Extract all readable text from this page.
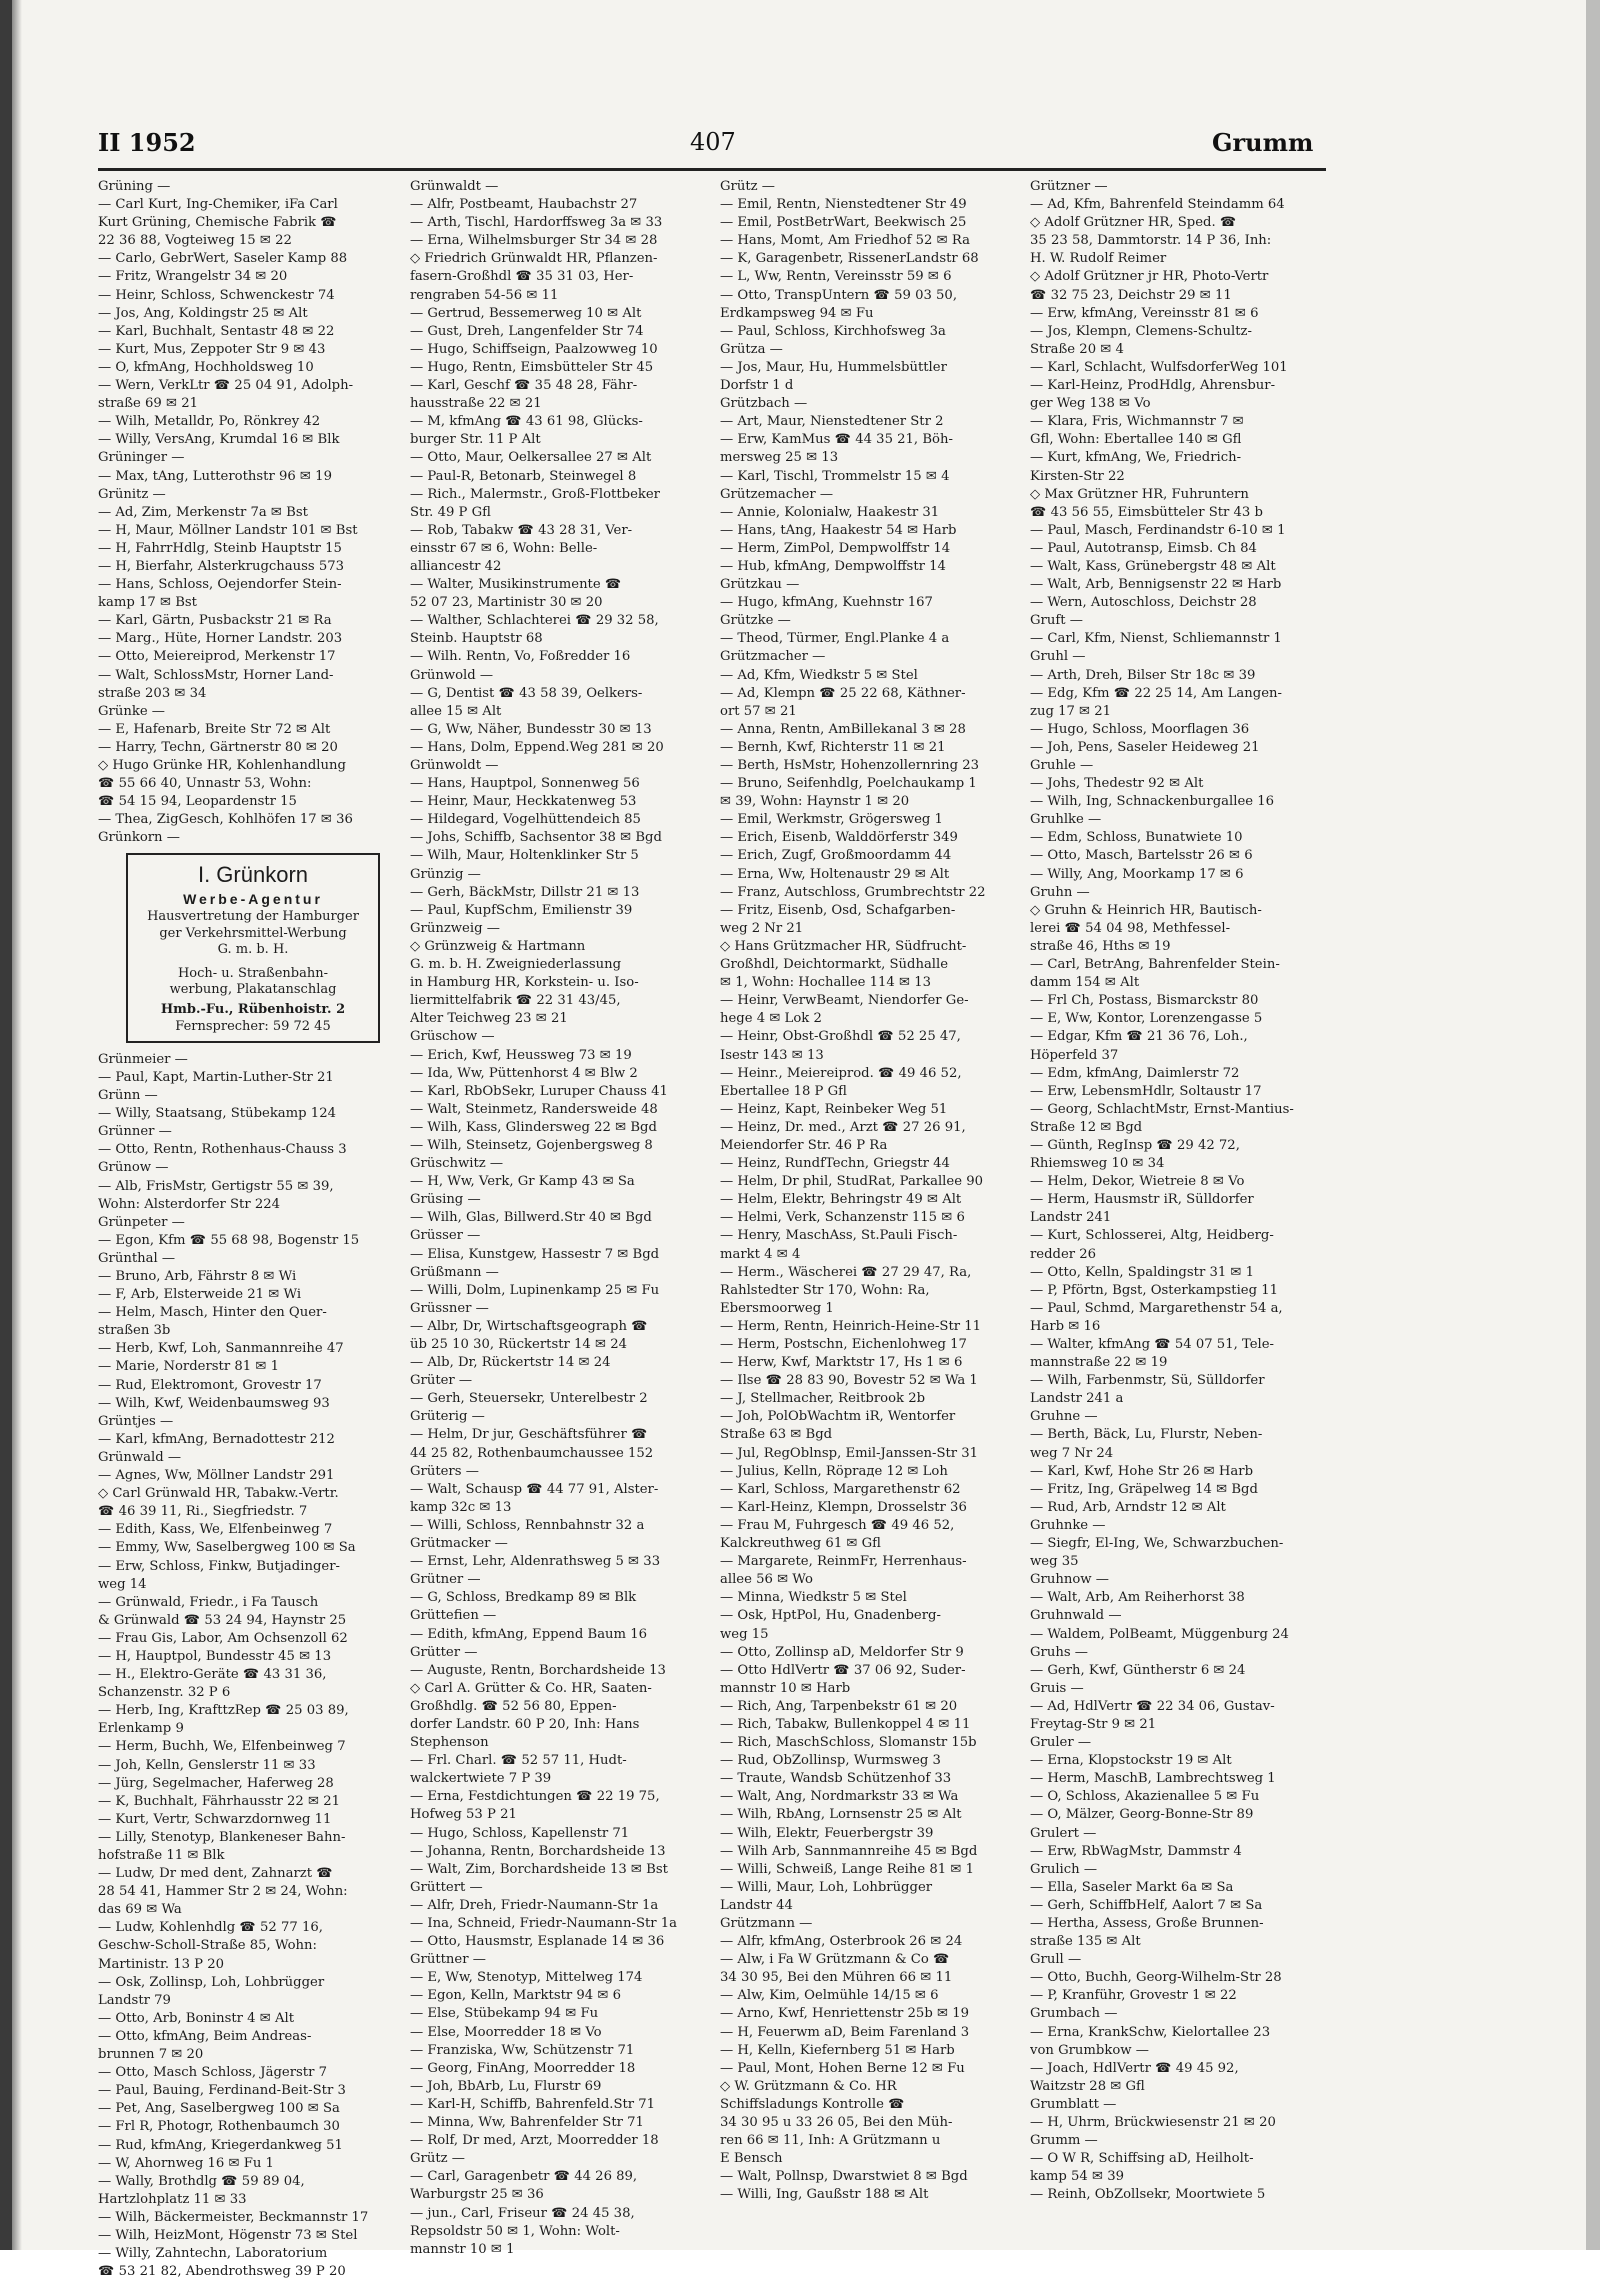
II 1952	407	Grumm
Grüning —
— Carl Kurt, Ing-Chemiker, iFa Carl
Kurt Grüning, Chemische Fabrik ☎
22 36 88, Vogteiweg 15 ✉ 22
— Carlo, GebrWert, Saseler Kamp 88
— Fritz, Wrangelstr 34 ✉ 20
— Heinr, Schloss, Schwenckestr 74
— Jos, Ang, Koldingstr 25 ✉ Alt
— Karl, Buchhalt, Sentastr 48 ✉ 22
— Kurt, Mus, Zeppoter Str 9 ✉ 43
— O, kfmAng, Hochholdsweg 10
— Wern, VerkLtr ☎ 25 04 91, Adolph-
straße 69 ✉ 21
— Wilh, Metalldr, Po, Rönkrey 42
— Willy, VersAng, Krumdal 16 ✉ Blk
Grüninger —
— Max, tAng, Lutterothstr 96 ✉ 19
Grünitz —
— Ad, Zim, Merkenstr 7a ✉ Bst
— H, Maur, Möllner Landstr 101 ✉ Bst
— H, FahrrHdlg, Steinb Hauptstr 15
— H, Bierfahr, Alsterkrugchauss 573
— Hans, Schloss, Oejendorfer Stein-
kamp 17 ✉ Bst
— Karl, Gärtn, Pusbackstr 21 ✉ Ra
— Marg., Hüte, Horner Landstr. 203
— Otto, Meiereiprod, Merkenstr 17
— Walt, SchlossMstr, Horner Land-
straße 203 ✉ 34
Grünke —
— E, Hafenarb, Breite Str 72 ✉ Alt
— Harry, Techn, Gärtnerstr 80 ✉ 20
◇ Hugo Grünke HR, Kohlenhandlung
☎ 55 66 40, Unnastr 53, Wohn:
☎ 54 15 94, Leopardenstr 15
— Thea, ZigGesch, Kohlhöfen 17 ✉ 36
Grünkorn —
I. Grünkorn
Werbe-Agentur
Hausvertretung der Hamburger
ger Verkehrsmittel-Werbung
G. m. b. H.
Hoch- u. Straßenbahn-
werbung, Plakatanschlag
Hmb.-Fu., Rübenhoistr. 2
Fernsprecher: 59 72 45
Grünmeier —
— Paul, Kapt, Martin-Luther-Str 21
Grünn —
— Willy, Staatsang, Stübekamp 124
Grünner —
— Otto, Rentn, Rothenhaus-Chauss 3
Grünow —
— Alb, FrisMstr, Gertigstr 55 ✉ 39,
Wohn: Alsterdorfer Str 224
Grünpeter —
— Egon, Kfm ☎ 55 68 98, Bogenstr 15
Grünthal —
— Bruno, Arb, Fährstr 8 ✉ Wi
— F, Arb, Elsterweide 21 ✉ Wi
— Helm, Masch, Hinter den Quer-
straßen 3b
— Herb, Kwf, Loh, Sanmannreihe 47
— Marie, Norderstr 81 ✉ 1
— Rud, Elektromont, Grovestr 17
— Wilh, Kwf, Weidenbaumsweg 93
Grüntjes —
— Karl, kfmAng, Bernadottestr 212
Grünwald —
— Agnes, Ww, Möllner Landstr 291
◇ Carl Grünwald HR, Tabakw.-Vertr.
☎ 46 39 11, Ri., Siegfriedstr. 7
— Edith, Kass, We, Elfenbeinweg 7
— Emmy, Ww, Saselbergweg 100 ✉ Sa
— Erw, Schloss, Finkw, Butjadinger-
weg 14
— Grünwald, Friedr., i Fa Tausch
& Grünwald ☎ 53 24 94, Haynstr 25
— Frau Gis, Labor, Am Ochsenzoll 62
— H, Hauptpol, Bundesstr 45 ✉ 13
— H., Elektro-Geräte ☎ 43 31 36,
Schanzenstr. 32 P 6
— Herb, Ing, KrafttzRep ☎ 25 03 89,
Erlenkamp 9
— Herm, Buchh, We, Elfenbeinweg 7
— Joh, Kelln, Genslerstr 11 ✉ 33
— Jürg, Segelmacher, Haferweg 28
— K, Buchhalt, Fährhausstr 22 ✉ 21
— Kurt, Vertr, Schwarzdornweg 11
— Lilly, Stenotyp, Blankeneser Bahn-
hofstraße 11 ✉ Blk
— Ludw, Dr med dent, Zahnarzt ☎
28 54 41, Hammer Str 2 ✉ 24, Wohn:
das 69 ✉ Wa
— Ludw, Kohlenhdlg ☎ 52 77 16,
Geschw-Scholl-Straße 85, Wohn:
Martinistr. 13 P 20
— Osk, Zollinsp, Loh, Lohbrügger
Landstr 79
— Otto, Arb, Boninstr 4 ✉ Alt
— Otto, kfmAng, Beim Andreas-
brunnen 7 ✉ 20
— Otto, Masch Schloss, Jägerstr 7
— Paul, Bauing, Ferdinand-Beit-Str 3
— Pet, Ang, Saselbergweg 100 ✉ Sa
— Frl R, Photogr, Rothenbaumch 30
— Rud, kfmAng, Kriegerdankweg 51
— W, Ahornweg 16 ✉ Fu 1
— Wally, Brothdlg ☎ 59 89 04,
Hartzlohplatz 11 ✉ 33
— Wilh, Bäckermeister, Beckmannstr 17
— Wilh, HeizMont, Högenstr 73 ✉ Stel
— Willy, Zahntechn, Laboratorium
☎ 53 21 82, Abendrothsweg 39 P 20
Grünwaldt —
— Alfr, Postbeamt, Haubachstr 27
— Arth, Tischl, Hardorffsweg 3a ✉ 33
— Erna, Wilhelmsburger Str 34 ✉ 28
◇ Friedrich Grünwaldt HR, Pflanzen-
fasern-Großhdl ☎ 35 31 03, Her-
rengraben 54-56 ✉ 11
— Gertrud, Bessemerweg 10 ✉ Alt
— Gust, Dreh, Langenfelder Str 74
— Hugo, Schiffseign, Paalzowweg 10
— Hugo, Rentn, Eimsbütteler Str 45
— Karl, Geschf ☎ 35 48 28, Fähr-
hausstraße 22 ✉ 21
— M, kfmAng ☎ 43 61 98, Glücks-
burger Str. 11 P Alt
— Otto, Maur, Oelkersallee 27 ✉ Alt
— Paul-R, Betonarb, Steinwegel 8
— Rich., Malermstr., Groß-Flottbeker
Str. 49 P Gfl
— Rob, Tabakw ☎ 43 28 31, Ver-
einsstr 67 ✉ 6, Wohn: Belle-
alliancestr 42
— Walter, Musikinstrumente ☎
52 07 23, Martinistr 30 ✉ 20
— Walther, Schlachterei ☎ 29 32 58,
Steinb. Hauptstr 68
— Wilh. Rentn, Vo, Foßredder 16
Grünwold —
— G, Dentist ☎ 43 58 39, Oelkers-
allee 15 ✉ Alt
— G, Ww, Näher, Bundesstr 30 ✉ 13
— Hans, Dolm, Eppend.Weg 281 ✉ 20
Grünwoldt —
— Hans, Hauptpol, Sonnenweg 56
— Heinr, Maur, Heckkatenweg 53
— Hildegard, Vogelhüttendeich 85
— Johs, Schiffb, Sachsentor 38 ✉ Bgd
— Wilh, Maur, Holtenklinker Str 5
Grünzig —
— Gerh, BäckMstr, Dillstr 21 ✉ 13
— Paul, KupfSchm, Emilienstr 39
Grünzweig —
◇ Grünzweig & Hartmann
G. m. b. H. Zweigniederlassung
in Hamburg HR, Korkstein- u. Iso-
liermittelfabrik ☎ 22 31 43/45,
Alter Teichweg 23 ✉ 21
Grüschow —
— Erich, Kwf, Heussweg 73 ✉ 19
— Ida, Ww, Püttenhorst 4 ✉ Blw 2
— Karl, RbObSekr, Luruper Chauss 41
— Walt, Steinmetz, Randersweide 48
— Wilh, Kass, Glindersweg 22 ✉ Bgd
— Wilh, Steinsetz, Gojenbergsweg 8
Grüschwitz —
— H, Ww, Verk, Gr Kamp 43 ✉ Sa
Grüsing —
— Wilh, Glas, Billwerd.Str 40 ✉ Bgd
Grüsser —
— Elisa, Kunstgew, Hassestr 7 ✉ Bgd
Grüßmann —
— Willi, Dolm, Lupinenkamp 25 ✉ Fu
Grüssner —
— Albr, Dr, Wirtschaftsgeograph ☎
üb 25 10 30, Rückertstr 14 ✉ 24
— Alb, Dr, Rückertstr 14 ✉ 24
Grüter —
— Gerh, Steuersekr, Unterelbestr 2
Grüterig —
— Helm, Dr jur, Geschäftsführer ☎
44 25 82, Rothenbaumchaussee 152
Grüters —
— Walt, Schausp ☎ 44 77 91, Alster-
kamp 32c ✉ 13
— Willi, Schloss, Rennbahnstr 32 a
Grütmacker —
— Ernst, Lehr, Aldenrathsweg 5 ✉ 33
Grütner —
— G, Schloss, Bredkamp 89 ✉ Blk
Grüttefien —
— Edith, kfmAng, Eppend Baum 16
Grütter —
— Auguste, Rentn, Borchardsheide 13
◇ Carl A. Grütter & Co. HR, Saaten-
Großhdlg. ☎ 52 56 80, Eppen-
dorfer Landstr. 60 P 20, Inh: Hans
Stephenson
— Frl. Charl. ☎ 52 57 11, Hudt-
walckertwiete 7 P 39
— Erna, Festdichtungen ☎ 22 19 75,
Hofweg 53 P 21
— Hugo, Schloss, Kapellenstr 71
— Johanna, Rentn, Borchardsheide 13
— Walt, Zim, Borchardsheide 13 ✉ Bst
Grüttert —
— Alfr, Dreh, Friedr-Naumann-Str 1a
— Ina, Schneid, Friedr-Naumann-Str 1a
— Otto, Hausmstr, Esplanade 14 ✉ 36
Grüttner —
— E, Ww, Stenotyp, Mittelweg 174
— Egon, Kelln, Marktstr 94 ✉ 6
— Else, Stübekamp 94 ✉ Fu
— Else, Moorredder 18 ✉ Vo
— Franziska, Ww, Schützenstr 71
— Georg, FinAng, Moorredder 18
— Joh, BbArb, Lu, Flurstr 69
— Karl-H, Schiffb, Bahrenfeld.Str 71
— Minna, Ww, Bahrenfelder Str 71
— Rolf, Dr med, Arzt, Moorredder 18
Grütz —
— Carl, Garagenbetr ☎ 44 26 89,
Warburgstr 25 ✉ 36
— jun., Carl, Friseur ☎ 24 45 38,
Repsoldstr 50 ✉ 1, Wohn: Wolt-
mannstr 10 ✉ 1
Grütz —
— Emil, Rentn, Nienstedtener Str 49
— Emil, PostBetrWart, Beekwisch 25
— Hans, Momt, Am Friedhof 52 ✉ Ra
— K, Garagenbetr, RissenerLandstr 68
— L, Ww, Rentn, Vereinsstr 59 ✉ 6
— Otto, TranspUntern ☎ 59 03 50,
Erdkampsweg 94 ✉ Fu
— Paul, Schloss, Kirchhofsweg 3a
Grützа —
— Jos, Maur, Hu, Hummelsbüttler
Dorfstr 1 d
Grützbach —
— Art, Maur, Nienstedtener Str 2
— Erw, KamMus ☎ 44 35 21, Böh-
mersweg 25 ✉ 13
— Karl, Tischl, Trommelstr 15 ✉ 4
Grützemacher —
— Annie, Kolonialw, Haakestr 31
— Hans, tAng, Haakestr 54 ✉ Harb
— Herm, ZimPol, Dempwolffstr 14
— Hub, kfmAng, Dempwolffstr 14
Grützkau —
— Hugo, kfmAng, Kuehnstr 167
Grützke —
— Theod, Türmer, Engl.Planke 4 a
Grützmacher —
— Ad, Kfm, Wiedkstr 5 ✉ Stel
— Ad, Klempn ☎ 25 22 68, Käthner-
ort 57 ✉ 21
— Anna, Rentn, AmBillekanal 3 ✉ 28
— Bernh, Kwf, Richterstr 11 ✉ 21
— Berth, HsMstr, Hohenzollernring 23
— Bruno, Seifenhdlg, Poelchaukamp 1
✉ 39, Wohn: Haynstr 1 ✉ 20
— Emil, Werkmstr, Grögersweg 1
— Erich, Eisenb, Walddörferstr 349
— Erich, Zugf, Großmoordamm 44
— Erna, Ww, Holtenaustr 29 ✉ Alt
— Franz, Autschloss, Grumbrechtstr 22
— Fritz, Eisenb, Osd, Schafgarben-
weg 2 Nr 21
◇ Hans Grützmacher HR, Südfrucht-
Großhdl, Deichtormarkt, Südhalle
✉ 1, Wohn: Hochallee 114 ✉ 13
— Heinr, VerwBeamt, Niendorfer Ge-
hege 4 ✉ Lok 2
— Heinr, Obst-Großhdl ☎ 52 25 47,
Isestr 143 ✉ 13
— Heinr., Meiereiprod. ☎ 49 46 52,
Ebertallee 18 P Gfl
— Heinz, Kapt, Reinbeker Weg 51
— Heinz, Dr. med., Arzt ☎ 27 26 91,
Meiendorfer Str. 46 P Ra
— Heinz, RundfTechn, Griegstr 44
— Helm, Dr phil, StudRat, Parkallee 90
— Helm, Elektr, Behringstr 49 ✉ Alt
— Helmi, Verk, Schanzenstr 115 ✉ 6
— Henry, MaschAss, St.Pauli Fisch-
markt 4 ✉ 4
— Herm., Wäscherei ☎ 27 29 47, Ra,
Rahlstedter Str 170, Wohn: Ra,
Ebersmoorweg 1
— Herm, Rentn, Heinrich-Heine-Str 11
— Herm, Postschn, Eichenlohweg 17
— Herw, Kwf, Marktstr 17, Hs 1 ✉ 6
— Ilse ☎ 28 83 90, Bovestr 52 ✉ Wa 1
— J, Stellmacher, Reitbrook 2b
— Joh, PolObWachtm iR, Wentorfer
Straße 63 ✉ Bgd
— Jul, RegOblnsp, Emil-Janssen-Str 31
— Julius, Kelln, Röpraде 12 ✉ Loh
— Karl, Schloss, Margarethenstr 62
— Karl-Heinz, Klempn, Drosselstr 36
— Frau M, Fuhrgesch ☎ 49 46 52,
Kalckreuthweg 61 ✉ Gfl
— Margarete, ReinmFr, Herrenhaus-
allee 56 ✉ Wo
— Minna, Wiedkstr 5 ✉ Stel
— Osk, HptPol, Hu, Gnadenberg-
weg 15
— Otto, Zollinsp aD, Meldorfer Str 9
— Otto HdlVertr ☎ 37 06 92, Suder-
mannstr 10 ✉ Harb
— Rich, Ang, Tarpenbekstr 61 ✉ 20
— Rich, Tabakw, Bullenkoppel 4 ✉ 11
— Rich, MaschSchloss, Slomanstr 15b
— Rud, ObZollinsp, Wurmsweg 3
— Traute, Wandsb Schützenhof 33
— Walt, Ang, Nordmarkstr 33 ✉ Wa
— Wilh, RbAng, Lornsenstr 25 ✉ Alt
— Wilh, Elektr, Feuerbergstr 39
— Wilh Arb, Sannmannreihe 45 ✉ Bgd
— Willi, Schweiß, Lange Reihe 81 ✉ 1
— Willi, Maur, Loh, Lohbrügger
Landstr 44
Grützmann —
— Alfr, kfmAng, Osterbrook 26 ✉ 24
— Alw, i Fa W Grützmann & Co ☎
34 30 95, Bei den Mühren 66 ✉ 11
— Alw, Kim, Oelmühle 14/15 ✉ 6
— Arno, Kwf, Henriettenstr 25b ✉ 19
— H, Feuerwm aD, Beim Farenland 3
— H, Kelln, Kiefernberg 51 ✉ Harb
— Paul, Mont, Hohen Berne 12 ✉ Fu
◇ W. Grützmann & Co. HR
Schiffsladungs Kontrolle ☎
34 30 95 u 33 26 05, Bei den Müh-
ren 66 ✉ 11, Inh: A Grützmann u
E Bensch
— Walt, Pollnsp, Dwarstwiet 8 ✉ Bgd
— Willi, Ing, Gaußstr 188 ✉ Alt
Grützner —
— Ad, Kfm, Bahrenfeld Steindamm 64
◇ Adolf Grützner HR, Sped. ☎
35 23 58, Dammtorstr. 14 P 36, Inh:
H. W. Rudolf Reimer
◇ Adolf Grützner jr HR, Photo-Vertr
☎ 32 75 23, Deichstr 29 ✉ 11
— Erw, kfmAng, Vereinsstr 81 ✉ 6
— Jos, Klempn, Clemens-Schultz-
Straße 20 ✉ 4
— Karl, Schlacht, WulfsdorferWeg 101
— Karl-Heinz, ProdHdlg, Ahrensbur-
ger Weg 138 ✉ Vo
— Klara, Fris, Wichmannstr 7 ✉
Gfl, Wohn: Ebertallee 140 ✉ Gfl
— Kurt, kfmAng, We, Friedrich-
Kirsten-Str 22
◇ Max Grützner HR, Fuhruntern
☎ 43 56 55, Eimsbütteler Str 43 b
— Paul, Masch, Ferdinandstr 6-10 ✉ 1
— Paul, Autotransp, Eimsb. Ch 84
— Walt, Kass, Grünebergstr 48 ✉ Alt
— Walt, Arb, Bennigsenstr 22 ✉ Harb
— Wern, Autoschloss, Deichstr 28
Gruft —
— Carl, Kfm, Nienst, Schliemannstr 1
Gruhl —
— Arth, Dreh, Bilser Str 18c ✉ 39
— Edg, Kfm ☎ 22 25 14, Am Langen-
zug 17 ✉ 21
— Hugo, Schloss, Moorflagen 36
— Joh, Pens, Saseler Heideweg 21
Gruhle —
— Johs, Thedestr 92 ✉ Alt
— Wilh, Ing, Schnackenburgallee 16
Gruhlke —
— Edm, Schloss, Bunatwiete 10
— Otto, Masch, Bartelsstr 26 ✉ 6
— Willy, Ang, Moorkamp 17 ✉ 6
Gruhn —
◇ Gruhn & Heinrich HR, Bautisch-
lerei ☎ 54 04 98, Methfessel-
straße 46, Hths ✉ 19
— Carl, BetrAng, Bahrenfelder Stein-
damm 154 ✉ Alt
— Frl Ch, Postass, Bismarckstr 80
— E, Ww, Kontor, Lorenzengasse 5
— Edgar, Kfm ☎ 21 36 76, Loh.,
Höperfeld 37
— Edm, kfmAng, Daimlerstr 72
— Erw, LebensmHdlr, Soltaustr 17
— Georg, SchlachtMstr, Ernst-Mantius-
Straße 12 ✉ Bgd
— Günth, RegInsp ☎ 29 42 72,
Rhiemsweg 10 ✉ 34
— Helm, Dekor, Wietreie 8 ✉ Vo
— Herm, Hausmstr iR, Sülldorfer
Landstr 241
— Kurt, Schlosserei, Altg, Heidberg-
redder 26
— Otto, Kelln, Spaldingstr 31 ✉ 1
— P, Pförtn, Bgst, Osterkampstieg 11
— Paul, Schmd, Margarethenstr 54 a,
Harb ✉ 16
— Walter, kfmAng ☎ 54 07 51, Tele-
mannstraße 22 ✉ 19
— Wilh, Farbenmstr, Sü, Sülldorfer
Landstr 241 a
Gruhne —
— Berth, Bäck, Lu, Flurstr, Neben-
weg 7 Nr 24
— Karl, Kwf, Hohe Str 26 ✉ Harb
— Fritz, Ing, Gräpelweg 14 ✉ Bgd
— Rud, Arb, Arndstr 12 ✉ Alt
Gruhnke —
— Siegfr, El-Ing, We, Schwarzbuchen-
weg 35
Gruhnow —
— Walt, Arb, Am Reiherhorst 38
Gruhnwald —
— Waldem, PolBeamt, Müggenburg 24
Gruhs —
— Gerh, Kwf, Güntherstr 6 ✉ 24
Gruis —
— Ad, HdlVertr ☎ 22 34 06, Gustav-
Freytag-Str 9 ✉ 21
Gruler —
— Erna, Klopstockstr 19 ✉ Alt
— Herm, MaschB, Lambrechtsweg 1
— O, Schloss, Akazienallee 5 ✉ Fu
— O, Mälzer, Georg-Bonne-Str 89
Grulert —
— Erw, RbWagMstr, Dammstr 4
Grulich —
— Ella, Saseler Markt 6a ✉ Sa
— Gerh, SchiffbHelf, Aalort 7 ✉ Sa
— Hertha, Assess, Große Brunnen-
straße 135 ✉ Alt
Grull —
— Otto, Buchh, Georg-Wilhelm-Str 28
— P, Kranführ, Grovestr 1 ✉ 22
Grumbach —
— Erna, KrankSchw, Kielortallee 23
von Grumbkow —
— Joach, HdlVertr ☎ 49 45 92,
Waitzstr 28 ✉ Gfl
Grumblatt —
— H, Uhrm, Brückwiesenstr 21 ✉ 20
Grumm —
— O W R, Schiffsing aD, Heilholt-
kamp 54 ✉ 39
— Reinh, ObZollsekr, Moortwiete 5
